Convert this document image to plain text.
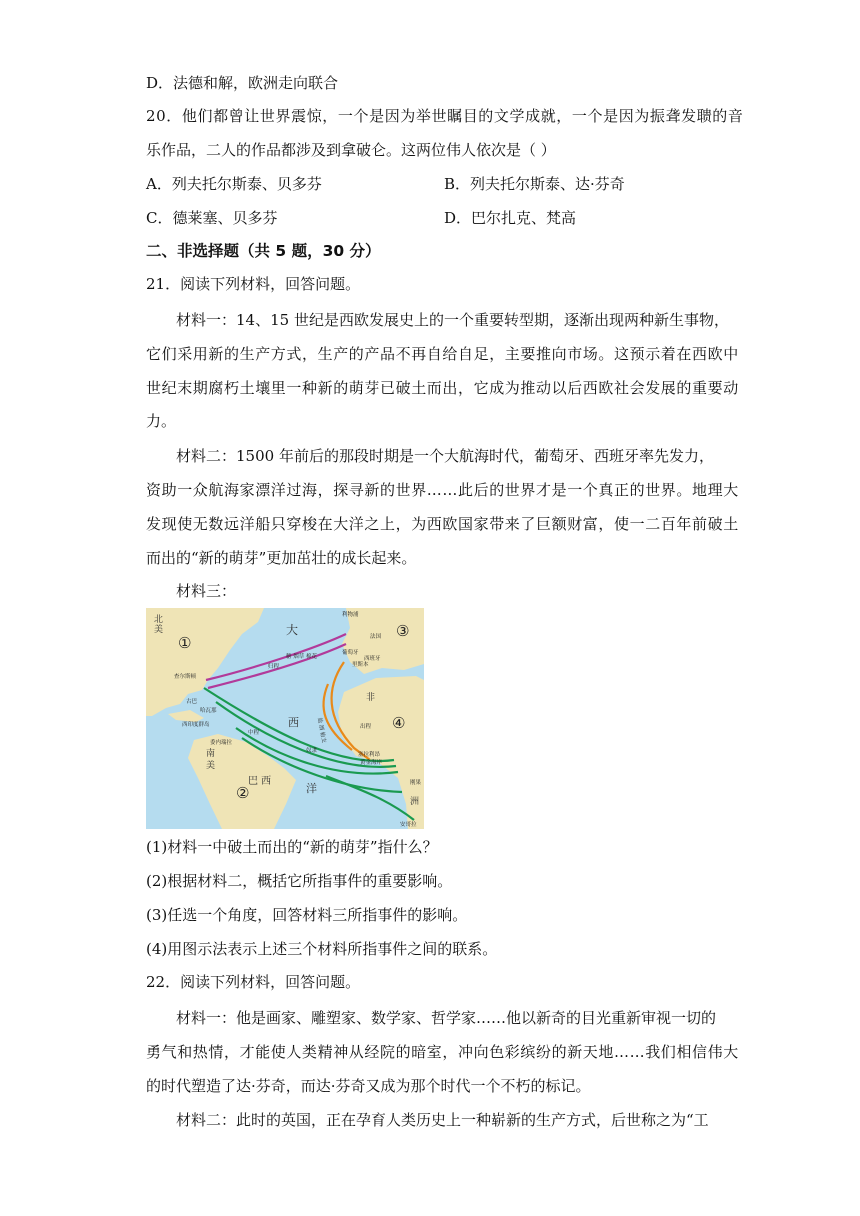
D．法德和解，欧洲走向联合
20．他们都曾让世界震惊，一个是因为举世瞩目的文学成就，一个是因为振聋发聩的音
乐作品，二人的作品都涉及到拿破仑。这两位伟人依次是（ ）
A．列夫托尔斯泰、贝多芬	B．列夫托尔斯泰、达·芬奇
C．德莱塞、贝多芬	D．巴尔扎克、梵高
二、非选择题（共 5 题，30 分）
21．阅读下列材料，回答问题。
材料一：14、15 世纪是西欧发展史上的一个重要转型期，逐渐出现两种新生事物，
它们采用新的生产方式，生产的产品不再自给自足，主要推向市场。这预示着在西欧中
世纪末期腐朽土壤里一种新的萌芽已破土而出，它成为推动以后西欧社会发展的重要动
力。
材料二：1500 年前后的那段时期是一个大航海时代，葡萄牙、西班牙率先发力，
资助一众航海家漂洋过海，探寻新的世界……此后的世界才是一个真正的世界。地理大
发现使无数远洋船只穿梭在大洋之上，为西欧国家带来了巨额财富，使一二百年前破土
而出的“新的萌芽”更加茁壮的成长起来。
材料三：
①
②
③
④
北
美	大
西
洋
南
美
巴 西
非
洲
查尔斯顿
古巴
西印度群岛
委内瑞拉
哈瓦那
利物浦
法国
葡萄牙
西班牙
里斯本
塞拉利昂
黄金海岸
安哥拉
刚果
归程
中程
出程
糖 烟草 棉花
盐 酒 枪支
奴隶
(1)材料一中破土而出的“新的萌芽”指什么？
(2)根据材料二，概括它所指事件的重要影响。
(3)任选一个角度，回答材料三所指事件的影响。
(4)用图示法表示上述三个材料所指事件之间的联系。
22．阅读下列材料，回答问题。
材料一：他是画家、雕塑家、数学家、哲学家……他以新奇的目光重新审视一切的
勇气和热情，才能使人类精神从经院的暗室，冲向色彩缤纷的新天地……我们相信伟大
的时代塑造了达·芬奇，而达·芬奇又成为那个时代一个不朽的标记。
材料二：此时的英国，正在孕育人类历史上一种崭新的生产方式，后世称之为“工
